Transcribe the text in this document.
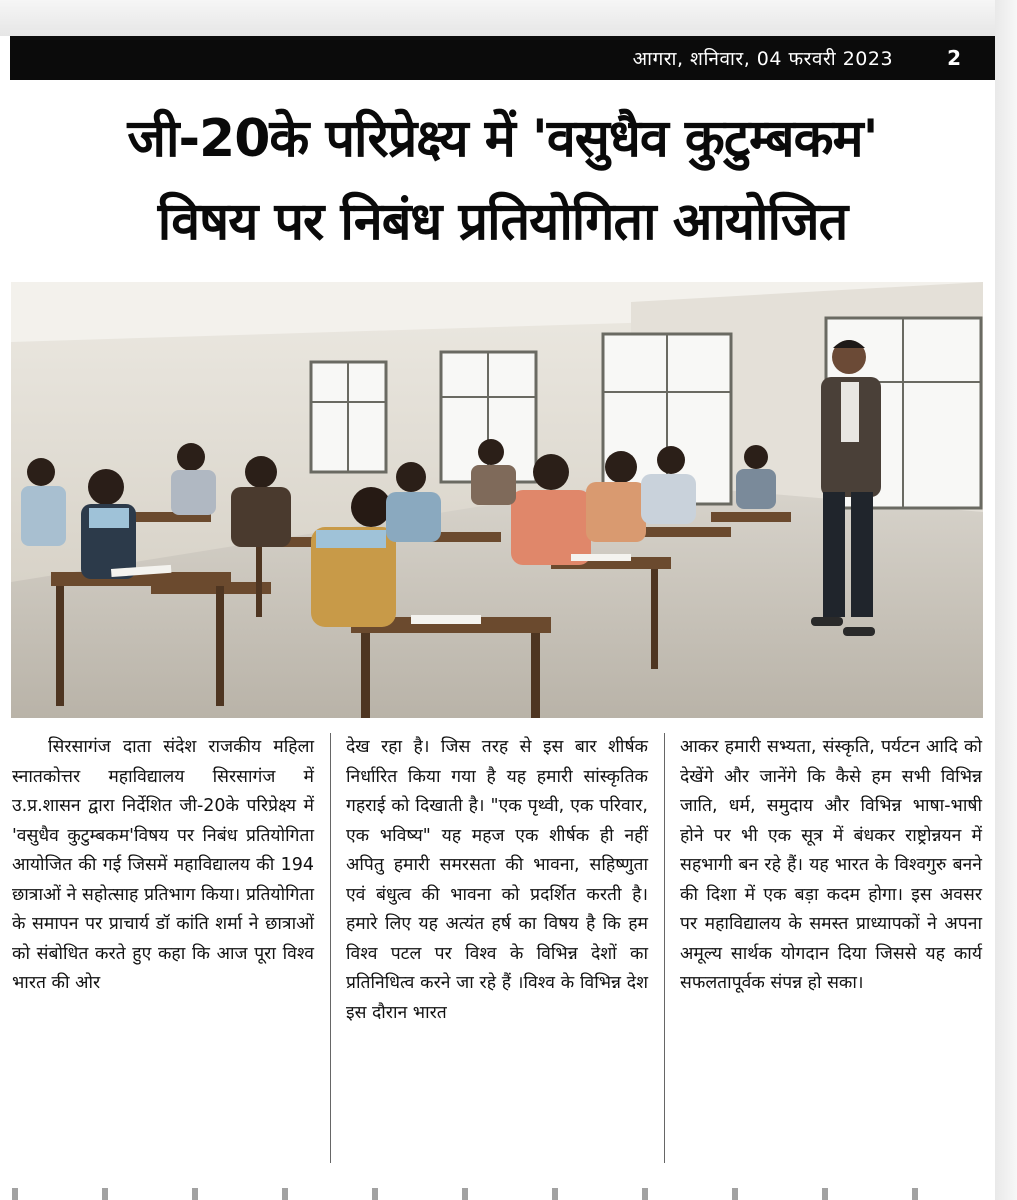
आगरा, शनिवार, 04 फरवरी 2023	2
जी-20के परिप्रेक्ष्य में 'वसुधैव कुटुम्बकम'
विषय पर निबंध प्रतियोगिता आयोजित

सिरसागंज दाता संदेश राजकीय महिला स्नातकोत्तर महाविद्यालय सिरसागंज में उ.प्र.शासन द्वारा निर्देशित जी-20के परिप्रेक्ष्य में 'वसुधैव कुटुम्बकम'विषय पर निबंध प्रतियोगिता आयोजित की गई जिसमें महाविद्यालय की 194 छात्राओं ने सहोत्साह प्रतिभाग किया। प्रतियोगिता के समापन पर प्राचार्य डॉ कांति शर्मा ने छात्राओं को संबोधित करते हुए कहा कि आज पूरा विश्व भारत की ओर

देख रहा है। जिस तरह से इस बार शीर्षक निर्धारित किया गया है यह हमारी सांस्कृतिक गहराई को दिखाती है। "एक पृथ्वी, एक परिवार, एक भविष्य" यह महज एक शीर्षक ही नहीं अपितु हमारी समरसता की भावना, सहिष्णुता एवं बंधुत्व की भावना को प्रदर्शित करती है। हमारे लिए यह अत्यंत हर्ष का विषय है कि हम विश्व पटल पर विश्व के विभिन्न देशों का प्रतिनिधित्व करने जा रहे हैं ।विश्व के विभिन्न देश इस दौरान भारत

आकर हमारी सभ्यता, संस्कृति, पर्यटन आदि को देखेंगे और जानेंगे कि कैसे हम सभी विभिन्न जाति, धर्म, समुदाय और विभिन्न भाषा-भाषी होने पर भी एक सूत्र में बंधकर राष्ट्रोन्नयन में सहभागी बन रहे हैं। यह भारत के विश्वगुरु बनने की दिशा में एक बड़ा कदम होगा। इस अवसर पर महाविद्यालय के समस्त प्राध्यापकों ने अपना अमूल्य सार्थक योगदान दिया जिससे यह कार्य सफलतापूर्वक संपन्न हो सका।
